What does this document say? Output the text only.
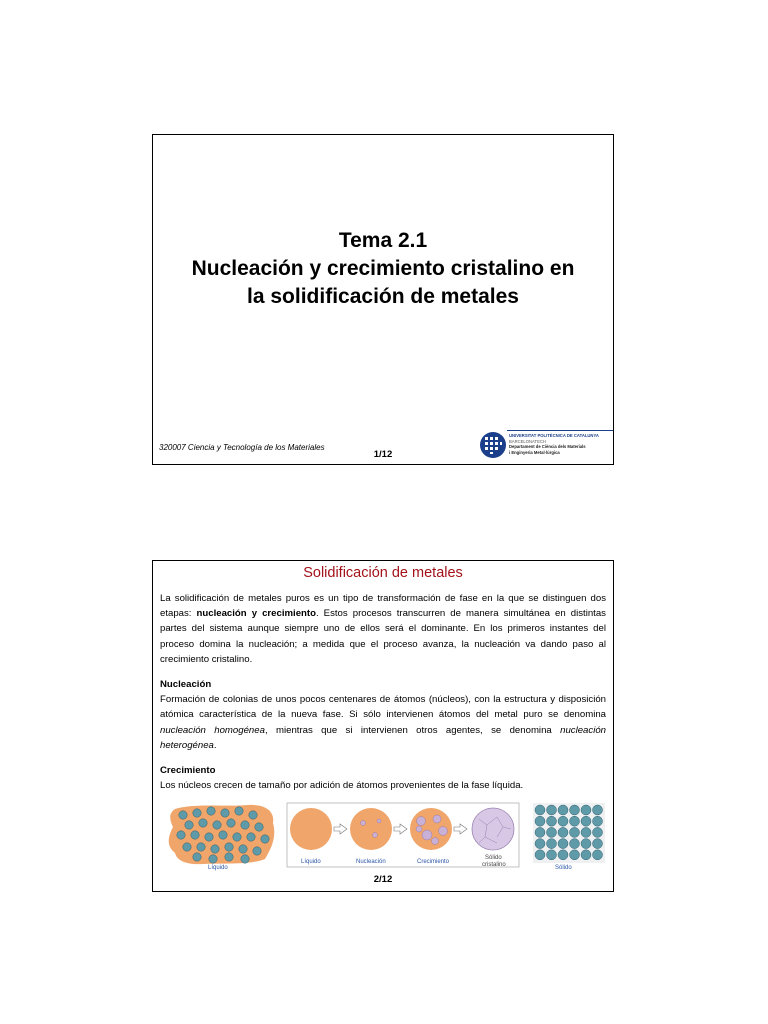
Tema 2.1
Nucleación y crecimiento cristalino en
la solidificación de metales
320007 Ciencia y Tecnología de los Materiales
1/12
UNIVERSITAT POLITÈCNICA DE CATALUNYA
BARCELONATECH
Departament de Ciència dels Materials
i Enginyeria Metal·lúrgica
Solidificación de metales

La solidificación de metales puros es un tipo de transformación de fase en la que se distinguen dos etapas: nucleación y crecimiento. Estos procesos transcurren de manera simultánea en distintas partes del sistema aunque siempre uno de ellos será el dominante. En los primeros instantes del proceso domina la nucleación; a medida que el proceso avanza, la nucleación va dando paso al crecimiento cristalino.

Nucleación

Formación de colonias de unos pocos centenares de átomos (núcleos), con la estructura y disposición atómica característica de la nueva fase. Si sólo intervienen átomos del metal puro se denomina nucleación homogénea, mientras que si intervienen otros agentes, se denomina nucleación heterogénea.

Crecimiento

Los núcleos crecen de tamaño por adición de átomos provenientes de la fase líquida.

Líquido
Líquido	Nucleación	Crecimiento
Sólido
cristalino	Sólido
2/12
